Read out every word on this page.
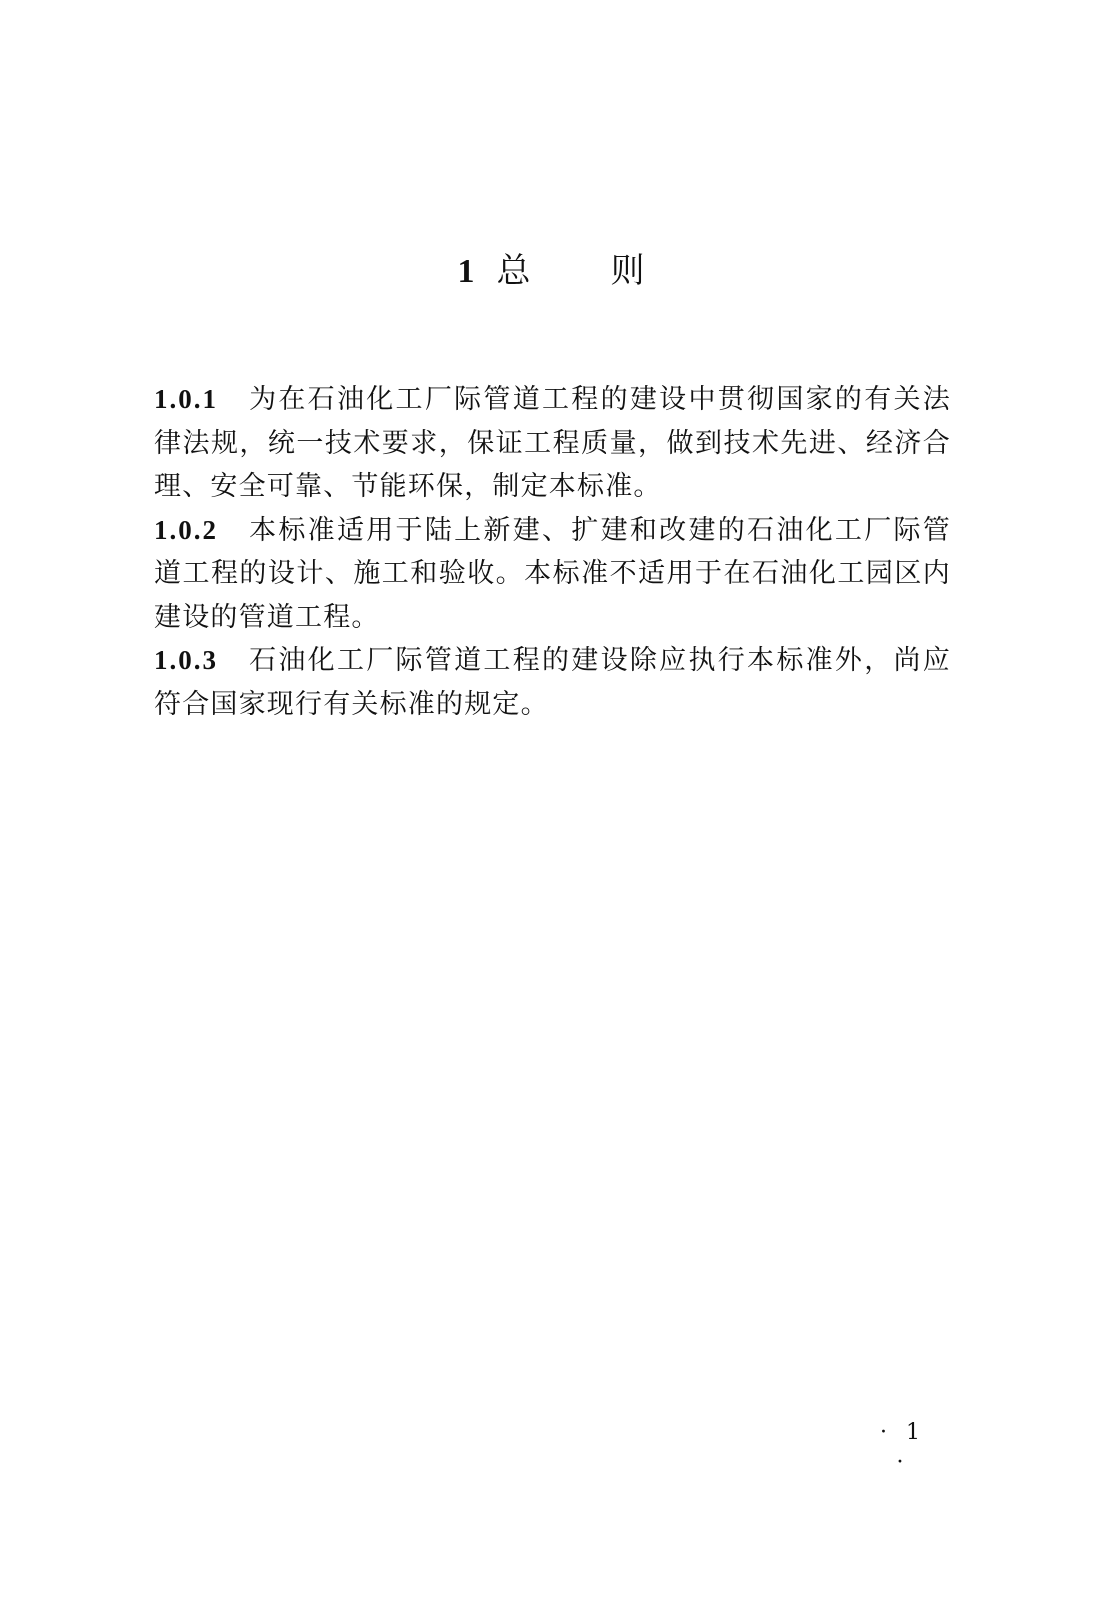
1 总则

1.0.1 为在石油化工厂际管道工程的建设中贯彻国家的有关法律法规，统一技术要求，保证工程质量，做到技术先进、经济合理、安全可靠、节能环保，制定本标准。

1.0.2 本标准适用于陆上新建、扩建和改建的石油化工厂际管道工程的设计、施工和验收。本标准不适用于在石油化工园区内建设的管道工程。

1.0.3 石油化工厂际管道工程的建设除应执行本标准外，尚应符合国家现行有关标准的规定。

· 1 ·
